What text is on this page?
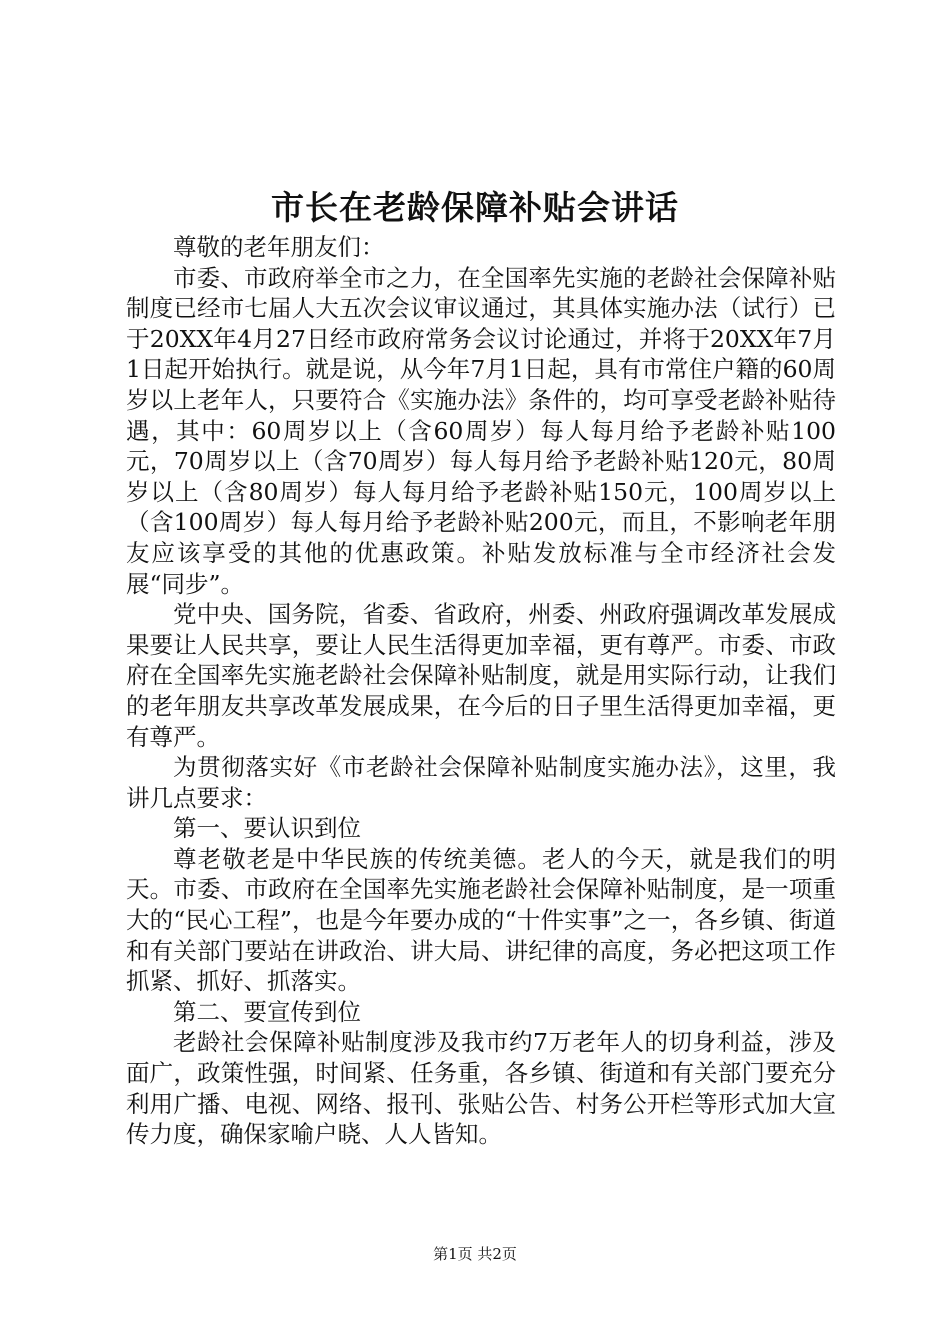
市长在老龄保障补贴会讲话

尊敬的老年朋友们：

市委、市政府举全市之力，在全国率先实施的老龄社会保障补贴制度已经市七届人大五次会议审议通过，其具体实施办法（试行）已于20XX年4月27日经市政府常务会议讨论通过，并将于20XX年7月1日起开始执行。就是说，从今年7月1日起，具有市常住户籍的60周岁以上老年人，只要符合《实施办法》条件的，均可享受老龄补贴待遇，其中：60周岁以上（含60周岁）每人每月给予老龄补贴100元，70周岁以上（含70周岁）每人每月给予老龄补贴120元，80周岁以上（含80周岁）每人每月给予老龄补贴150元，100周岁以上（含100周岁）每人每月给予老龄补贴200元，而且，不影响老年朋友应该享受的其他的优惠政策。补贴发放标准与全市经济社会发展“同步”。

党中央、国务院，省委、省政府，州委、州政府强调改革发展成果要让人民共享，要让人民生活得更加幸福，更有尊严。市委、市政府在全国率先实施老龄社会保障补贴制度，就是用实际行动，让我们的老年朋友共享改革发展成果，在今后的日子里生活得更加幸福，更有尊严。

为贯彻落实好《市老龄社会保障补贴制度实施办法》，这里，我讲几点要求：

第一、要认识到位

尊老敬老是中华民族的传统美德。老人的今天，就是我们的明天。市委、市政府在全国率先实施老龄社会保障补贴制度，是一项重大的“民心工程”，也是今年要办成的“十件实事”之一，各乡镇、街道和有关部门要站在讲政治、讲大局、讲纪律的高度，务必把这项工作抓紧、抓好、抓落实。

第二、要宣传到位

老龄社会保障补贴制度涉及我市约7万老年人的切身利益，涉及面广，政策性强，时间紧、任务重，各乡镇、街道和有关部门要充分利用广播、电视、网络、报刊、张贴公告、村务公开栏等形式加大宣传力度，确保家喻户晓、人人皆知。

第1页 共2页
